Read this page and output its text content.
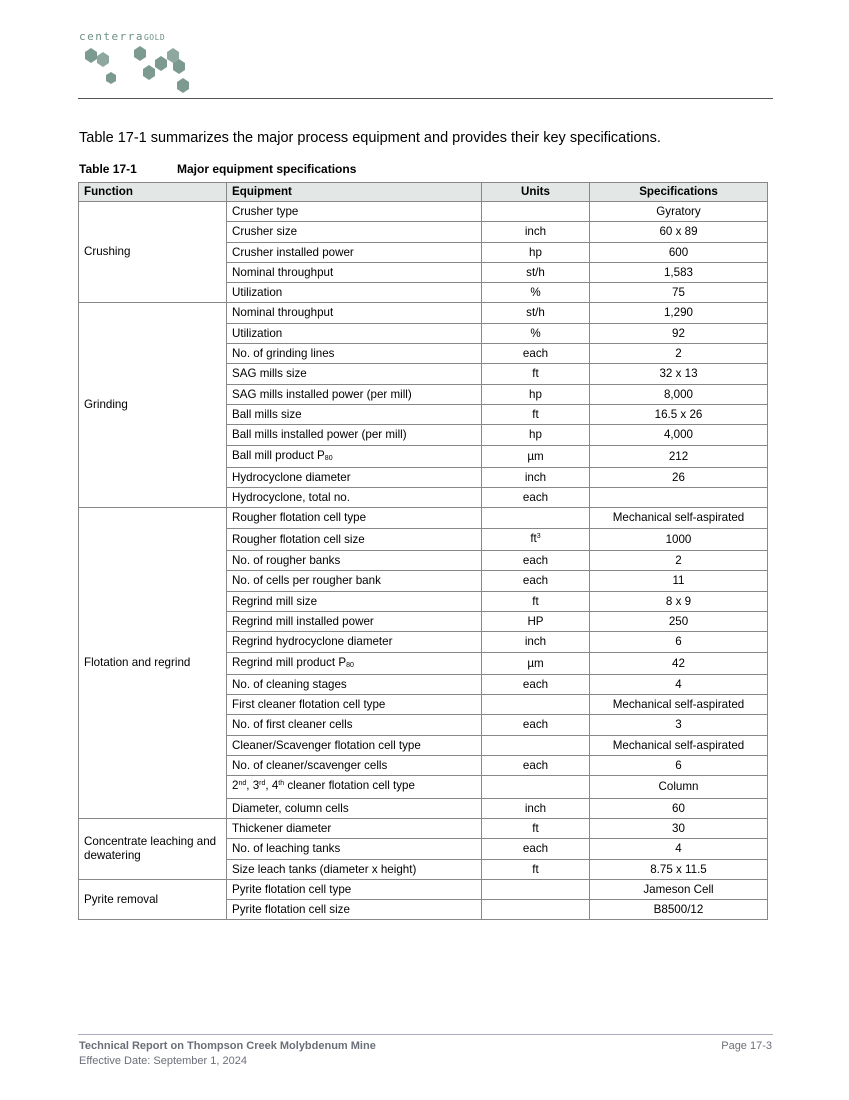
centerraGOLD
Table 17-1 summarizes the major process equipment and provides their key specifications.
Table 17-1	Major equipment specifications
Function	Equipment	Units	Specifications
Crushing	Crusher type		Gyratory
	Crusher size	inch	60 x 89
	Crusher installed power	hp	600
	Nominal throughput	st/h	1,583
	Utilization	%	75
Grinding	Nominal throughput	st/h	1,290
	Utilization	%	92
	No. of grinding lines	each	2
	SAG mills size	ft	32 x 13
	SAG mills installed power (per mill)	hp	8,000
	Ball mills size	ft	16.5 x 26
	Ball mills installed power (per mill)	hp	4,000
	Ball mill product $P_{80}$	µm	212
	Hydrocyclone diameter	inch	26
	Hydrocyclone, total no.	each	
Flotation and regrind	Rougher flotation cell type		Mechanical self-aspirated
	Rougher flotation cell size	$ft^3$	1000
	No. of rougher banks	each	2
	No. of cells per rougher bank	each	11
	Regrind mill size	ft	8 x 9
	Regrind mill installed power	HP	250
	Regrind hydrocyclone diameter	inch	6
	Regrind mill product $P_{80}$	µm	42
	No. of cleaning stages	each	4
	First cleaner flotation cell type		Mechanical self-aspirated
	No. of first cleaner cells	each	3
	Cleaner/Scavenger flotation cell type		Mechanical self-aspirated
	No. of cleaner/scavenger cells	each	6
	2nd, 3rd, 4th cleaner flotation cell type		Column
	Diameter, column cells	inch	60
Concentrate leaching and dewatering	Thickener diameter	ft	30
	No. of leaching tanks	each	4
	Size leach tanks (diameter x height)	ft	8.75 x 11.5
Pyrite removal	Pyrite flotation cell type		Jameson Cell
	Pyrite flotation cell size		B8500/12
Technical Report on Thompson Creek Molybdenum Mine
Effective Date: September 1, 2024
Page 17-3
